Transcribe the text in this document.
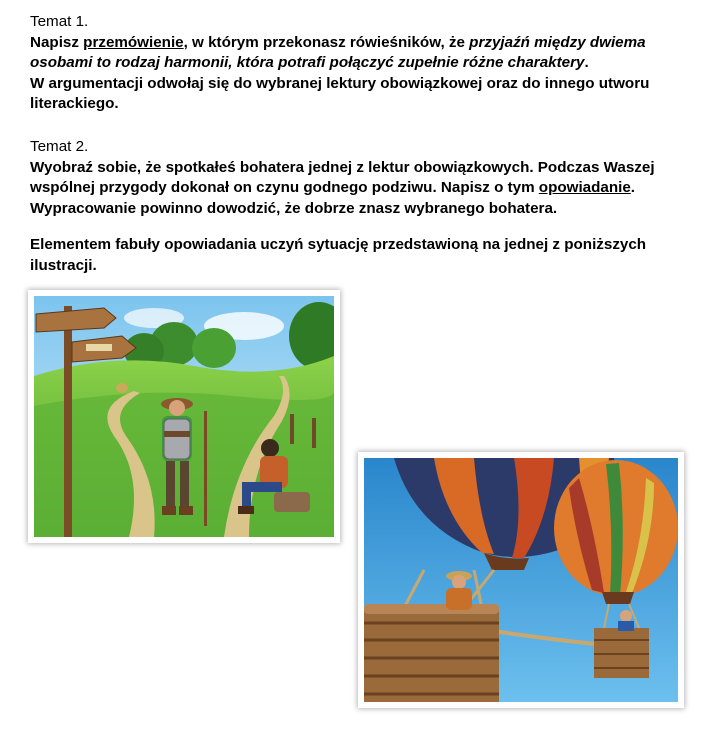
Temat 1.
Napisz przemówienie, w którym przekonasz rówieśników, że przyjaźń między dwiema
osobami to rodzaj harmonii, która potrafi połączyć zupełnie różne charaktery.
W argumentacji odwołaj się do wybranej lektury obowiązkowej oraz do innego utworu
literackiego.
Temat 2.
Wyobraź sobie, że spotkałeś bohatera jednej z lektur obowiązkowych. Podczas Waszej
wspólnej przygody dokonał on czynu godnego podziwu. Napisz o tym opowiadanie.
Wypracowanie powinno dowodzić, że dobrze znasz wybranego bohatera.
Elementem fabuły opowiadania uczyń sytuację przedstawioną na jednej z poniższych
ilustracji.
